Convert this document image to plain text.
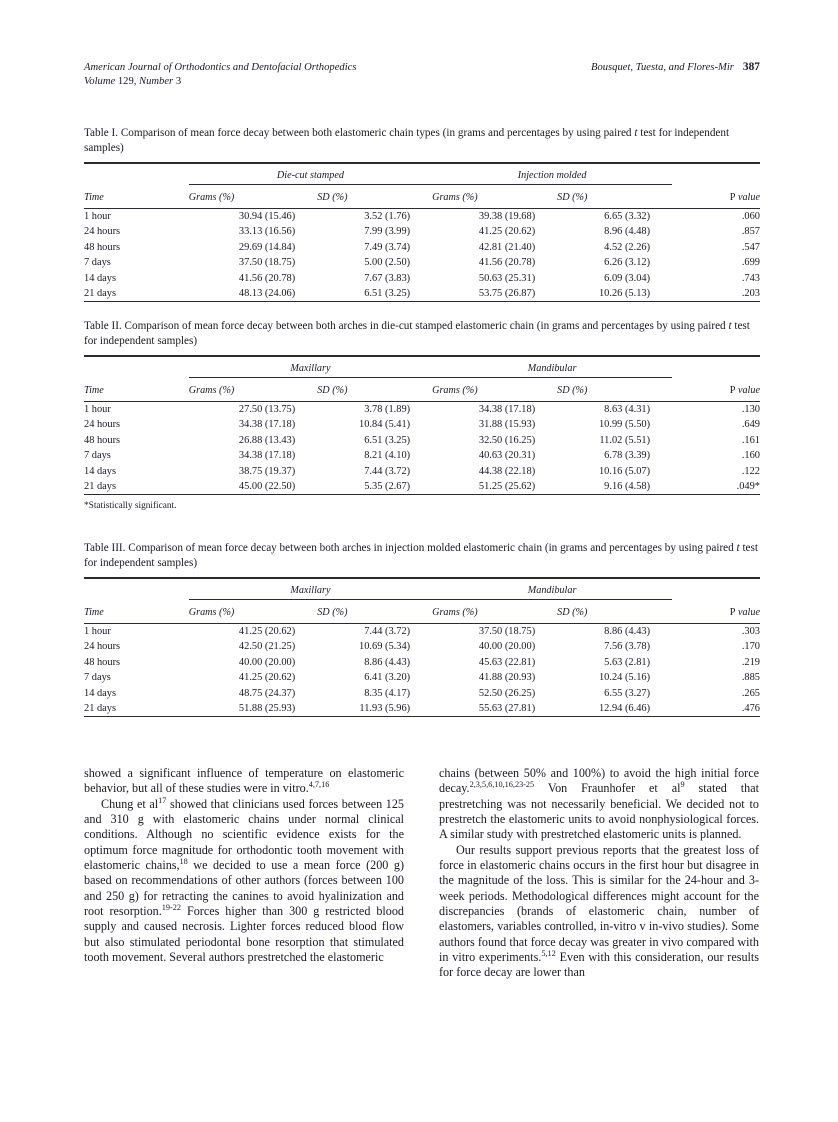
American Journal of Orthodontics and Dentofacial Orthopedics	Bousquet, Tuesta, and Flores-Mir 387
Volume 129, Number 3
Table I. Comparison of mean force decay between both elastomeric chain types (in grams and percentages by using paired t test for independent samples)

	Die-cut stamped		Injection molded		
Time	Grams (%)	SD (%)	Grams (%)	SD (%)	P value

1 hour	30.94 (15.46)	3.52 (1.76)	39.38 (19.68)	6.65 (3.32)	.060
24 hours	33.13 (16.56)	7.99 (3.99)	41.25 (20.62)	8.96 (4.48)	.857
48 hours	29.69 (14.84)	7.49 (3.74)	42.81 (21.40)	4.52 (2.26)	.547
7 days	37.50 (18.75)	5.00 (2.50)	41.56 (20.78)	6.26 (3.12)	.699
14 days	41.56 (20.78)	7.67 (3.83)	50.63 (25.31)	6.09 (3.04)	.743
21 days	48.13 (24.06)	6.51 (3.25)	53.75 (26.87)	10.26 (5.13)	.203

Table II. Comparison of mean force decay between both arches in die-cut stamped elastomeric chain (in grams and percentages by using paired t test for independent samples)

	Maxillary		Mandibular		
Time	Grams (%)	SD (%)	Grams (%)	SD (%)	P value

1 hour	27.50 (13.75)	3.78 (1.89)	34.38 (17.18)	8.63 (4.31)	.130
24 hours	34.38 (17.18)	10.84 (5.41)	31.88 (15.93)	10.99 (5.50)	.649
48 hours	26.88 (13.43)	6.51 (3.25)	32.50 (16.25)	11.02 (5.51)	.161
7 days	34.38 (17.18)	8.21 (4.10)	40.63 (20.31)	6.78 (3.39)	.160
14 days	38.75 (19.37)	7.44 (3.72)	44.38 (22.18)	10.16 (5.07)	.122
21 days	45.00 (22.50)	5.35 (2.67)	51.25 (25.62)	9.16 (4.58)	.049*

*Statistically significant.
Table III. Comparison of mean force decay between both arches in injection molded elastomeric chain (in grams and percentages by using paired t test for independent samples)

	Maxillary		Mandibular		
Time	Grams (%)	SD (%)	Grams (%)	SD (%)	P value

1 hour	41.25 (20.62)	7.44 (3.72)	37.50 (18.75)	8.86 (4.43)	.303
24 hours	42.50 (21.25)	10.69 (5.34)	40.00 (20.00)	7.56 (3.78)	.170
48 hours	40.00 (20.00)	8.86 (4.43)	45.63 (22.81)	5.63 (2.81)	.219
7 days	41.25 (20.62)	6.41 (3.20)	41.88 (20.93)	10.24 (5.16)	.885
14 days	48.75 (24.37)	8.35 (4.17)	52.50 (26.25)	6.55 (3.27)	.265
21 days	51.88 (25.93)	11.93 (5.96)	55.63 (27.81)	12.94 (6.46)	.476

showed a significant influence of temperature on elastomeric behavior, but all of these studies were in vitro.$^{4,7,16}$

Chung et $al^{17}$ showed that clinicians used forces between 125 and 310 g with elastomeric chains under normal clinical conditions. Although no scientific evidence exists for the optimum force magnitude for orthodontic tooth movement with elastomeric chains,$^{18}$ we decided to use a mean force (200 g) based on recommendations of other authors (forces between 100 and 250 g) for retracting the canines to avoid hyalinization and root resorption.$^{19-22}$ Forces higher than 300 g restricted blood supply and caused necrosis. Lighter forces reduced blood flow but also stimulated periodontal bone resorption that stimulated tooth movement. Several authors prestretched the elastomeric

chains (between 50% and 100%) to avoid the high initial force decay.$^{2,3,5,6,10,16,23-25}$ Von Fraunhofer et $al^9$ stated that prestretching was not necessarily beneficial. We decided not to prestretch the elastomeric units to avoid nonphysiological forces. A similar study with prestretched elastomeric units is planned.

Our results support previous reports that the greatest loss of force in elastomeric chains occurs in the first hour but disagree in the magnitude of the loss. This is similar for the 24-hour and 3-week periods. Methodological differences might account for the discrepancies (brands of elastomeric chain, number of elastomers, variables controlled, in-vitro v in-vivo studies). Some authors found that force decay was greater in vivo compared with in vitro experiments.$^{5,12}$ Even with this consideration, our results for force decay are lower than
